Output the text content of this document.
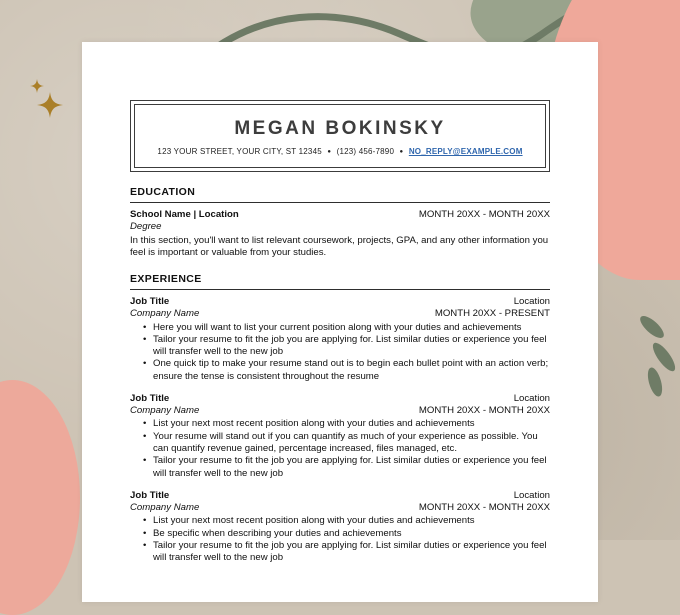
MEGAN BOKINSKY
123 YOUR STREET, YOUR CITY, ST 12345 ● (123) 456-7890 ● NO_REPLY@EXAMPLE.COM
EDUCATION
School Name | Location	MONTH 20XX - MONTH 20XX
Degree

In this section, you'll want to list relevant coursework, projects, GPA, and any other information you feel is important or valuable from your studies.

EXPERIENCE
Job Title	Location
Company Name	MONTH 20XX - PRESENT
• Here you will want to list your current position along with your duties and achievements
• Tailor your resume to fit the job you are applying for. List similar duties or experience you feel will transfer well to the new job
• One quick tip to make your resume stand out is to begin each bullet point with an action verb; ensure the tense is consistent throughout the resume
Job Title	Location
Company Name	MONTH 20XX - MONTH 20XX
• List your next most recent position along with your duties and achievements
• Your resume will stand out if you can quantify as much of your experience as possible. You can quantify revenue gained, percentage increased, files managed, etc.
• Tailor your resume to fit the job you are applying for. List similar duties or experience you feel will transfer well to the new job
Job Title	Location
Company Name	MONTH 20XX - MONTH 20XX
• List your next most recent position along with your duties and achievements
• Be specific when describing your duties and achievements
• Tailor your resume to fit the job you are applying for. List similar duties or experience you feel will transfer well to the new job
